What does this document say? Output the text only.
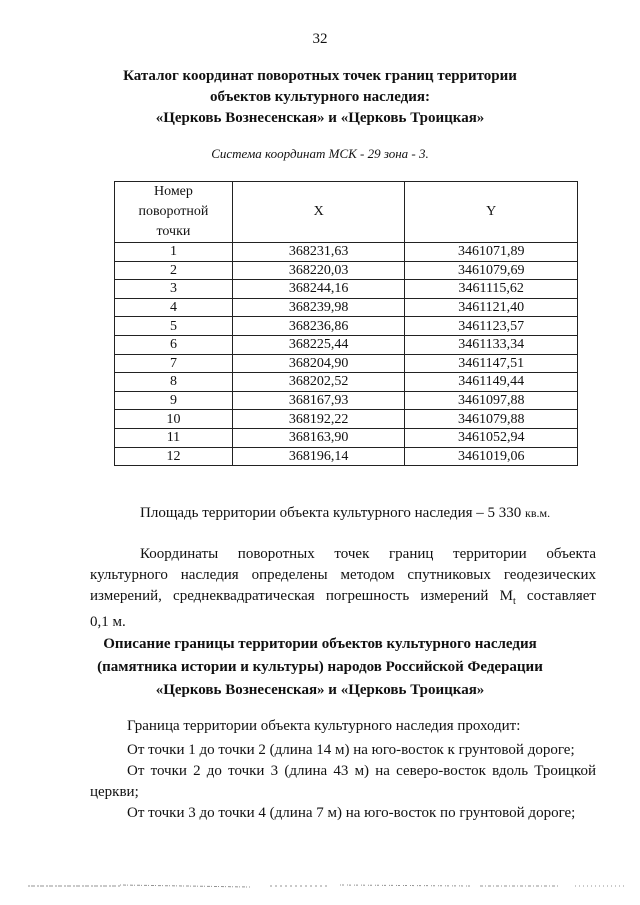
32
Каталог координат поворотных точек границ территории
объектов культурного наследия:
«Церковь Вознесенская» и «Церковь Троицкая»
Система координат МСК - 29 зона - 3.
Номер поворотной точки	X	Y
1	368231,63	3461071,89
2	368220,03	3461079,69
3	368244,16	3461115,62
4	368239,98	3461121,40
5	368236,86	3461123,57
6	368225,44	3461133,34
7	368204,90	3461147,51
8	368202,52	3461149,44
9	368167,93	3461097,88
10	368192,22	3461079,88
11	368163,90	3461052,94
12	368196,14	3461019,06
Площадь территории объекта культурного наследия – 5 330 кв.м.
Координаты поворотных точек границ территории объекта
культурного наследия определены методом спутниковых геодезических
измерений, среднеквадратическая погрешность измерений $M_t$ составляет
0,1 м.
Описание границы территории объектов культурного наследия
(памятника истории и культуры) народов Российской Федерации
«Церковь Вознесенская» и «Церковь Троицкая»
Граница территории объекта культурного наследия проходит:
От точки 1 до точки 2 (длина 14 м) на юго-восток к грунтовой дороге;
От точки 2 до точки 3 (длина 43 м) на северо-восток вдоль Троицкой
церкви;
От точки 3 до точки 4 (длина 7 м) на юго-восток по грунтовой дороге;
